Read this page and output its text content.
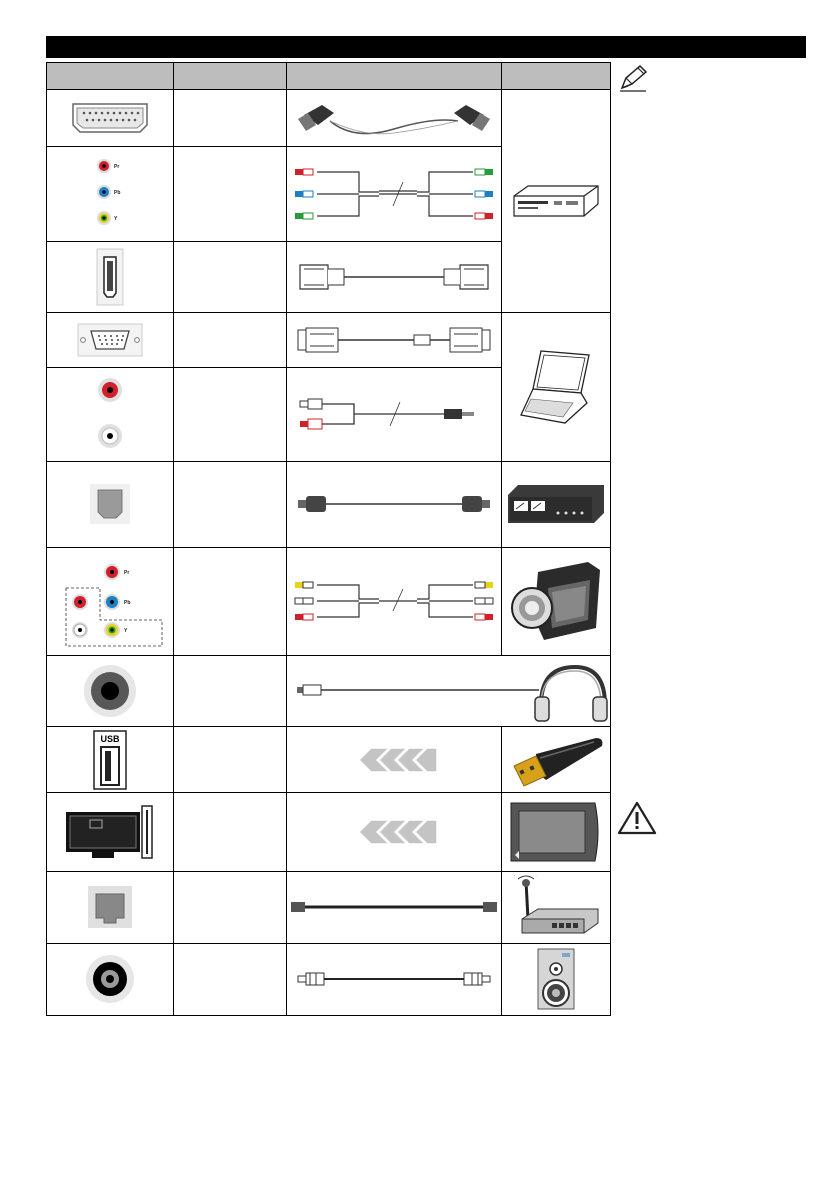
Pr
Pb
Y

Pr
Pb
Y

USB
